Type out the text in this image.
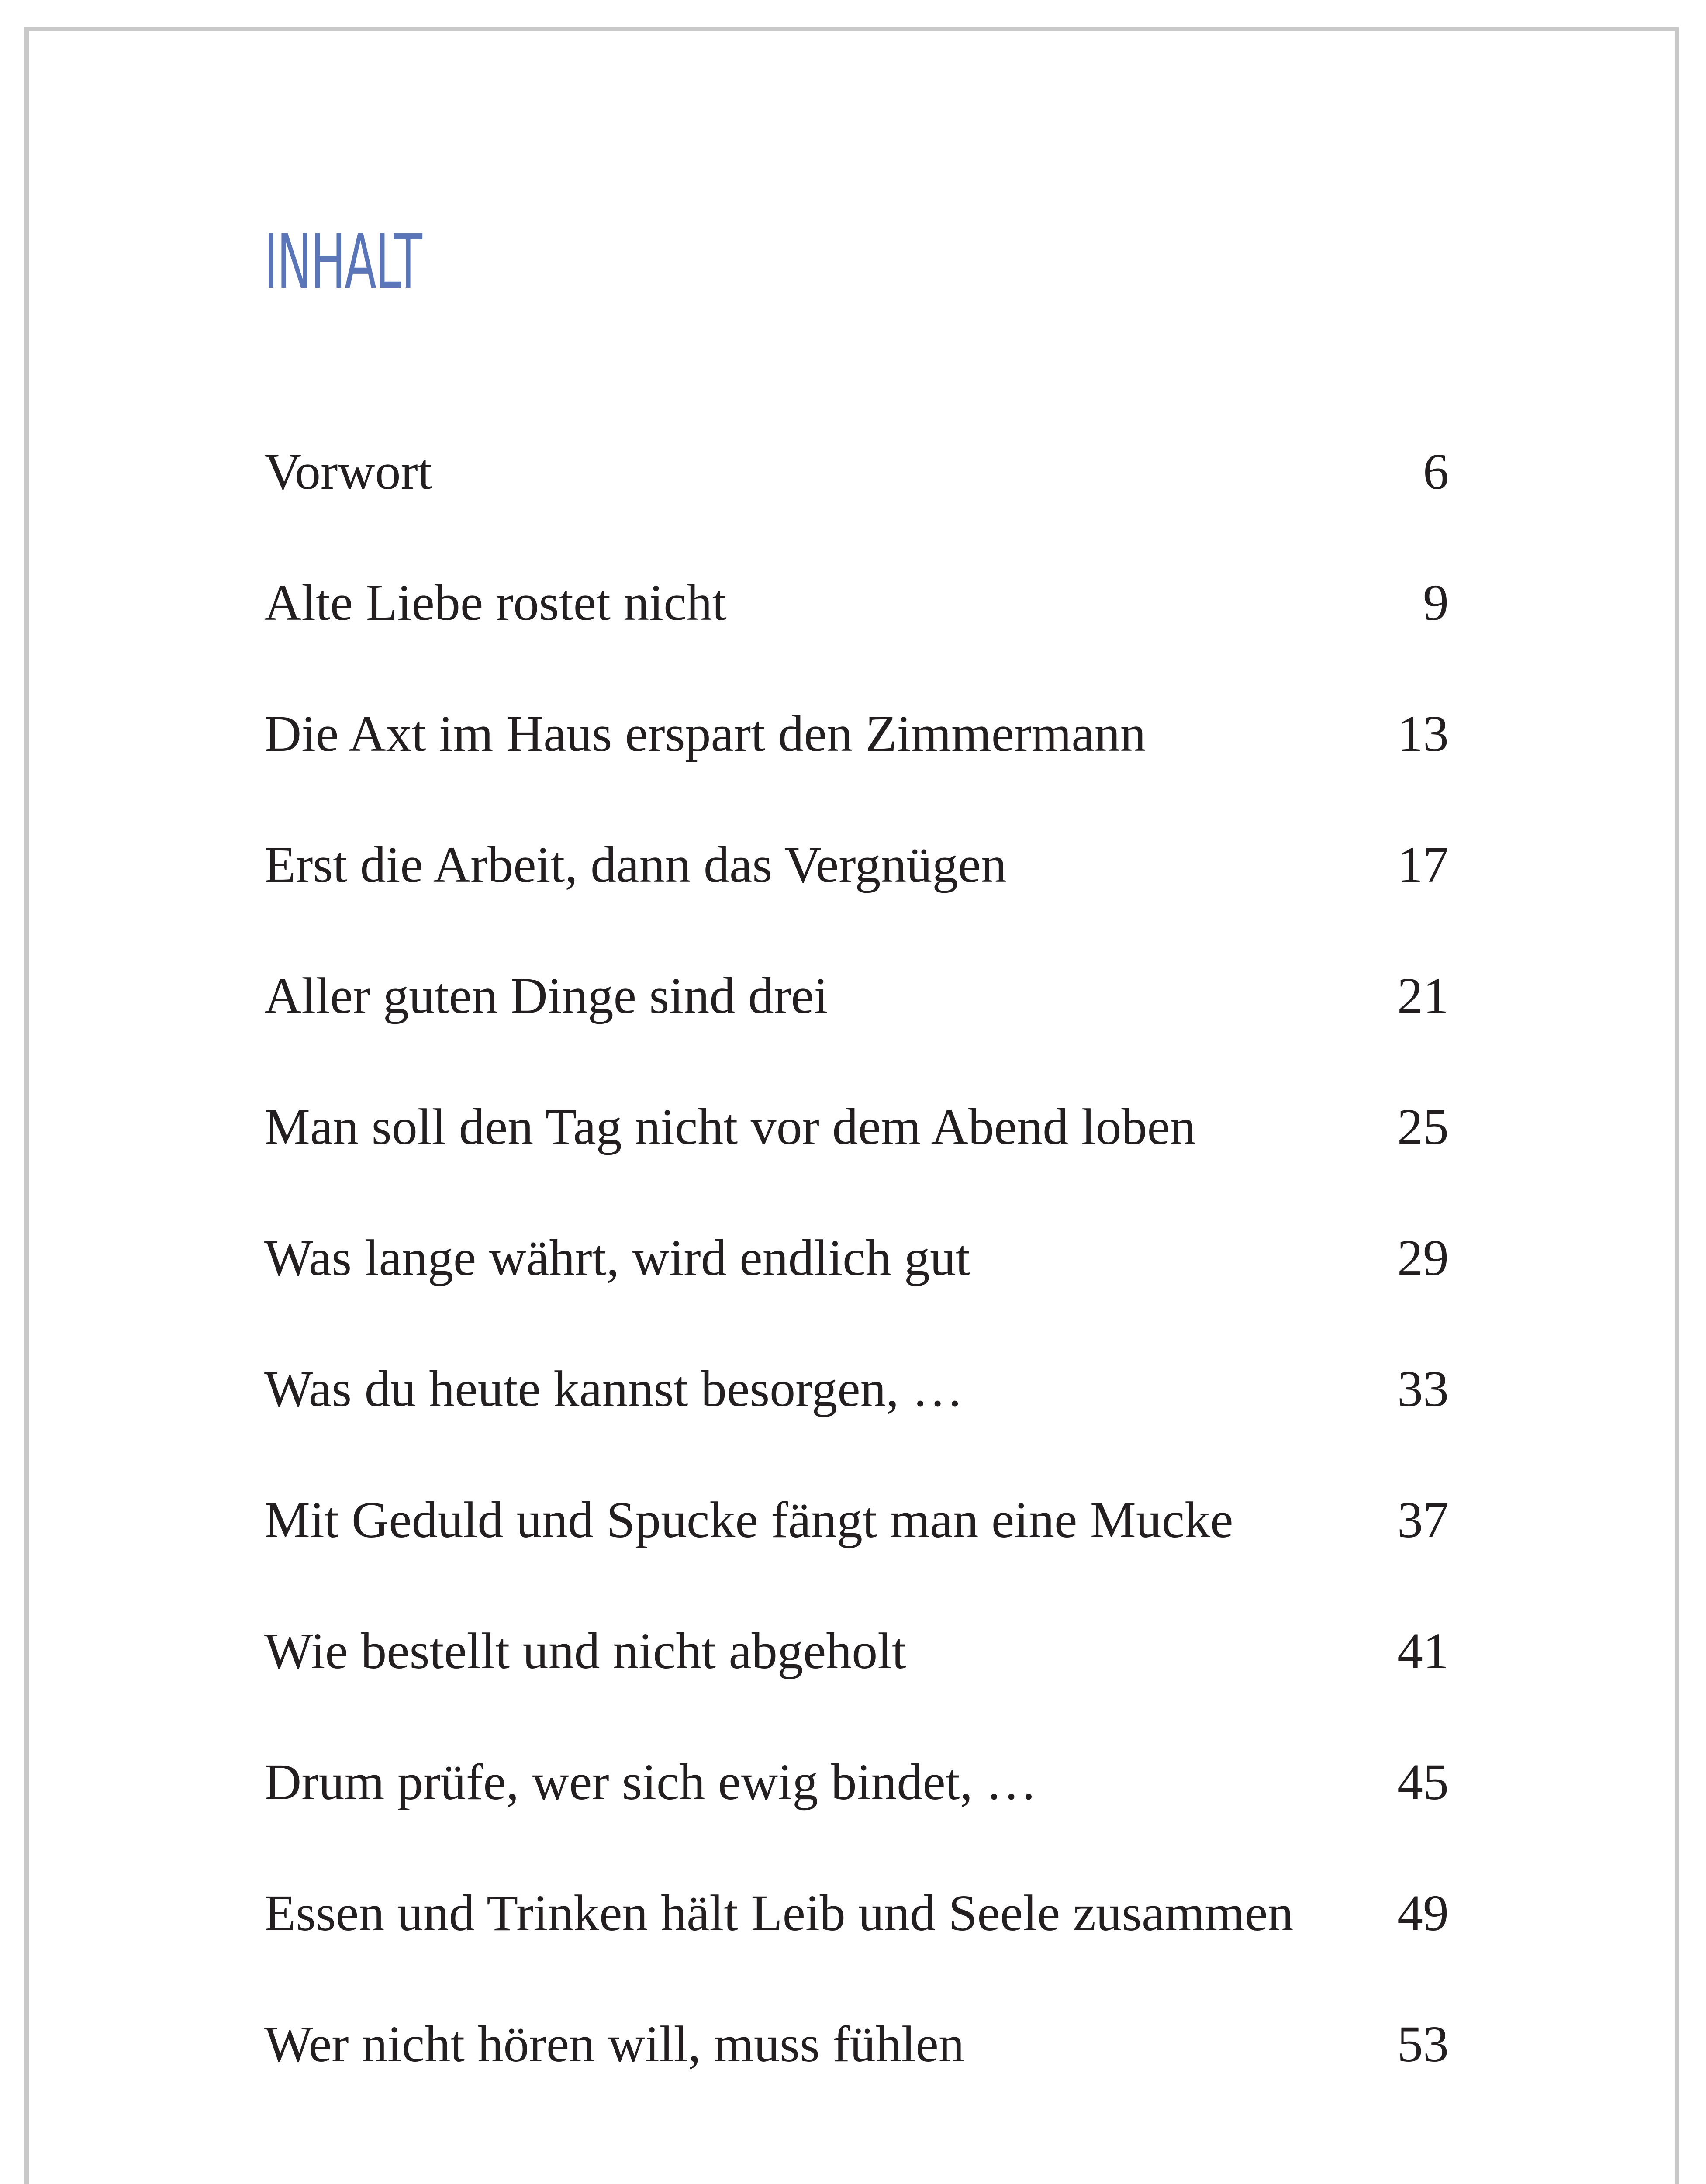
INHALT
Vorwort	6
Alte Liebe rostet nicht	9
Die Axt im Haus erspart den Zimmermann	13
Erst die Arbeit, dann das Vergnügen	17
Aller guten Dinge sind drei	21
Man soll den Tag nicht vor dem Abend loben	25
Was lange währt, wird endlich gut	29
Was du heute kannst besorgen, …	33
Mit Geduld und Spucke fängt man eine Mucke	37
Wie bestellt und nicht abgeholt	41
Drum prüfe, wer sich ewig bindet, …	45
Essen und Trinken hält Leib und Seele zusammen	49
Wer nicht hören will, muss fühlen	53
